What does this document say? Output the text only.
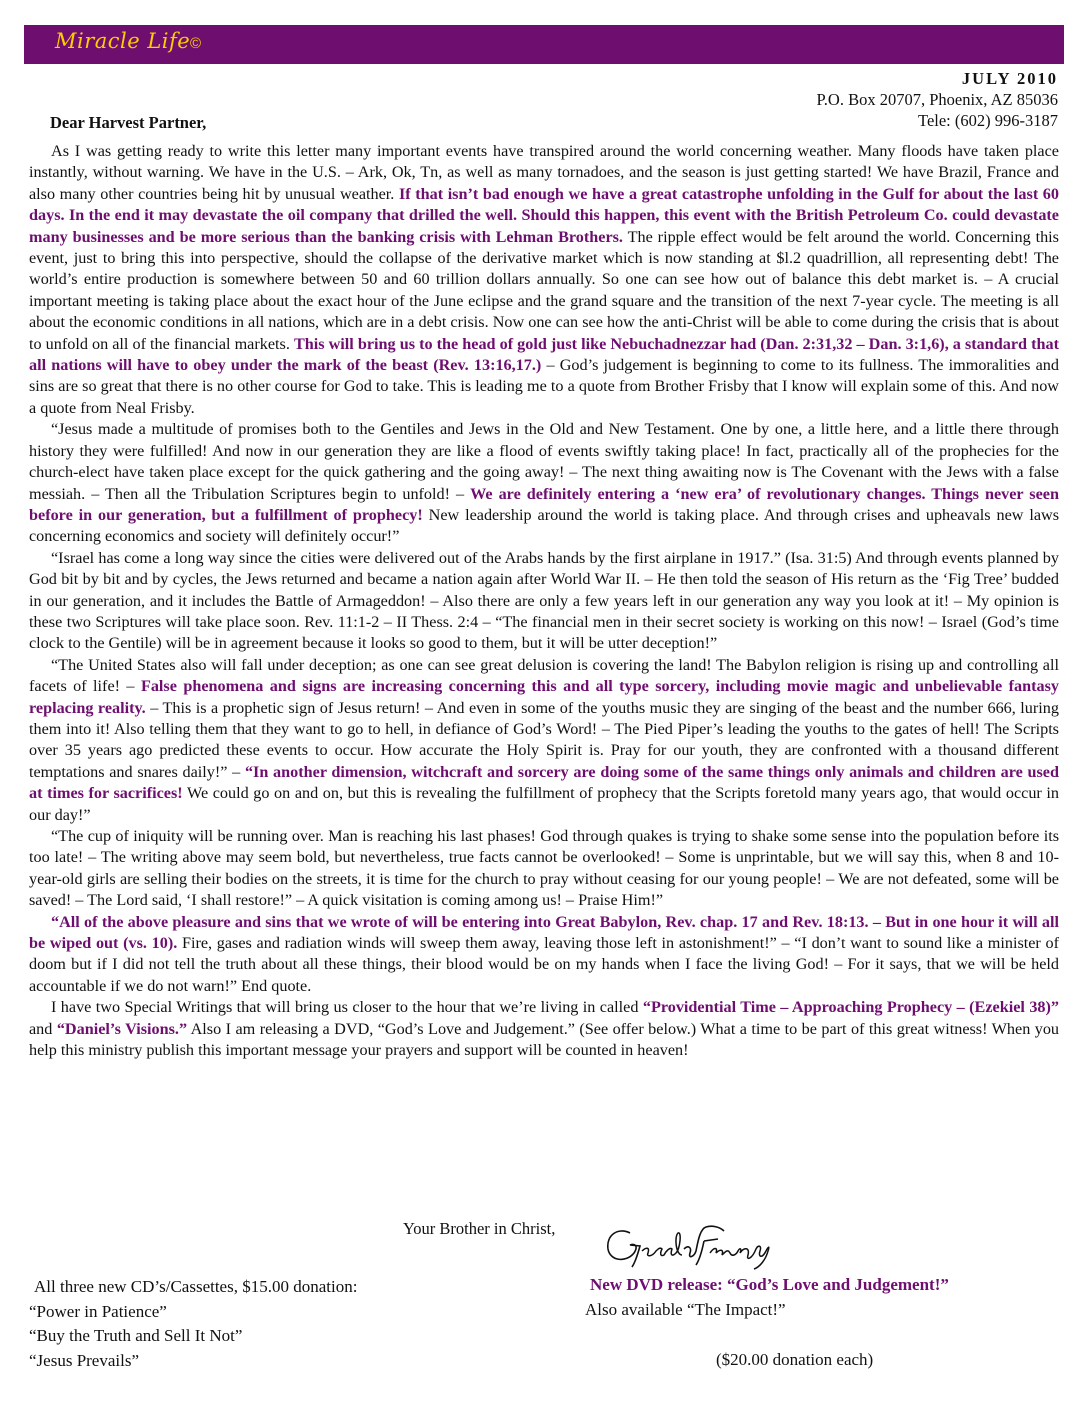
Miracle Life ©
JULY 2010
P.O. Box 20707, Phoenix, AZ 85036
Tele: (602) 996-3187
Dear Harvest Partner,

As I was getting ready to write this letter many important events have transpired around the world concerning weather. Many floods have taken place instantly, without warning. We have in the U.S. – Ark, Ok, Tn, as well as many tornadoes, and the season is just getting started! We have Brazil, France and also many other countries being hit by unusual weather. If that isn’t bad enough we have a great catastrophe unfolding in the Gulf for about the last 60 days. In the end it may devastate the oil company that drilled the well. Should this happen, this event with the British Petroleum Co. could devastate many businesses and be more serious than the banking crisis with Lehman Brothers. The ripple effect would be felt around the world. Concerning this event, just to bring this into perspective, should the collapse of the derivative market which is now standing at $l.2 quadrillion, all representing debt! The world’s entire production is somewhere between 50 and 60 trillion dollars annually. So one can see how out of balance this debt market is. – A crucial important meeting is taking place about the exact hour of the June eclipse and the grand square and the transition of the next 7-year cycle. The meeting is all about the economic conditions in all nations, which are in a debt crisis. Now one can see how the anti-Christ will be able to come during the crisis that is about to unfold on all of the financial markets. This will bring us to the head of gold just like Nebuchadnezzar had (Dan. 2:31,32 – Dan. 3:1,6), a standard that all nations will have to obey under the mark of the beast (Rev. 13:16,17.) – God’s judgement is beginning to come to its fullness. The immoralities and sins are so great that there is no other course for God to take. This is leading me to a quote from Brother Frisby that I know will explain some of this. And now a quote from Neal Frisby.

“Jesus made a multitude of promises both to the Gentiles and Jews in the Old and New Testament. One by one, a little here, and a little there through history they were fulfilled! And now in our generation they are like a flood of events swiftly taking place! In fact, practically all of the prophecies for the church-elect have taken place except for the quick gathering and the going away! – The next thing awaiting now is The Covenant with the Jews with a false messiah. – Then all the Tribulation Scriptures begin to unfold! – We are definitely entering a ‘new era’ of revolutionary changes. Things never seen before in our generation, but a fulfillment of prophecy! New leadership around the world is taking place. And through crises and upheavals new laws concerning economics and society will definitely occur!”

“Israel has come a long way since the cities were delivered out of the Arabs hands by the first airplane in 1917.” (Isa. 31:5) And through events planned by God bit by bit and by cycles, the Jews returned and became a nation again after World War II. – He then told the season of His return as the ‘Fig Tree’ budded in our generation, and it includes the Battle of Armageddon! – Also there are only a few years left in our generation any way you look at it! – My opinion is these two Scriptures will take place soon. Rev. 11:1-2 – II Thess. 2:4 – “The financial men in their secret society is working on this now! – Israel (God’s time clock to the Gentile) will be in agreement because it looks so good to them, but it will be utter deception!”

“The United States also will fall under deception; as one can see great delusion is covering the land! The Babylon religion is rising up and controlling all facets of life! – False phenomena and signs are increasing concerning this and all type sorcery, including movie magic and unbelievable fantasy replacing reality. – This is a prophetic sign of Jesus return! – And even in some of the youths music they are singing of the beast and the number 666, luring them into it! Also telling them that they want to go to hell, in defiance of God’s Word! – The Pied Piper’s leading the youths to the gates of hell! The Scripts over 35 years ago predicted these events to occur. How accurate the Holy Spirit is. Pray for our youth, they are confronted with a thousand different temptations and snares daily!” – “In another dimension, witchcraft and sorcery are doing some of the same things only animals and children are used at times for sacrifices! We could go on and on, but this is revealing the fulfillment of prophecy that the Scripts foretold many years ago, that would occur in our day!”

“The cup of iniquity will be running over. Man is reaching his last phases! God through quakes is trying to shake some sense into the population before its too late! – The writing above may seem bold, but nevertheless, true facts cannot be overlooked! – Some is unprintable, but we will say this, when 8 and 10-year-old girls are selling their bodies on the streets, it is time for the church to pray without ceasing for our young people! – We are not defeated, some will be saved! – The Lord said, ‘I shall restore!” – A quick visitation is coming among us! – Praise Him!”

“All of the above pleasure and sins that we wrote of will be entering into Great Babylon, Rev. chap. 17 and Rev. 18:13. – But in one hour it will all be wiped out (vs. 10). Fire, gases and radiation winds will sweep them away, leaving those left in astonishment!” – “I don’t want to sound like a minister of doom but if I did not tell the truth about all these things, their blood would be on my hands when I face the living God! – For it says, that we will be held accountable if we do not warn!” End quote.

I have two Special Writings that will bring us closer to the hour that we’re living in called “Providential Time – Approaching Prophecy – (Ezekiel 38)” and “Daniel’s Visions.” Also I am releasing a DVD, “God’s Love and Judgement.” (See offer below.) What a time to be part of this great witness! When you help this ministry publish this important message your prayers and support will be counted in heaven!

Your Brother in Christ,
All three new CD’s/Cassettes, $15.00 donation:
“Power in Patience”
“Buy the Truth and Sell It Not”
“Jesus Prevails”
New DVD release: “God’s Love and Judgement!”
Also available “The Impact!”
($20.00 donation each)
